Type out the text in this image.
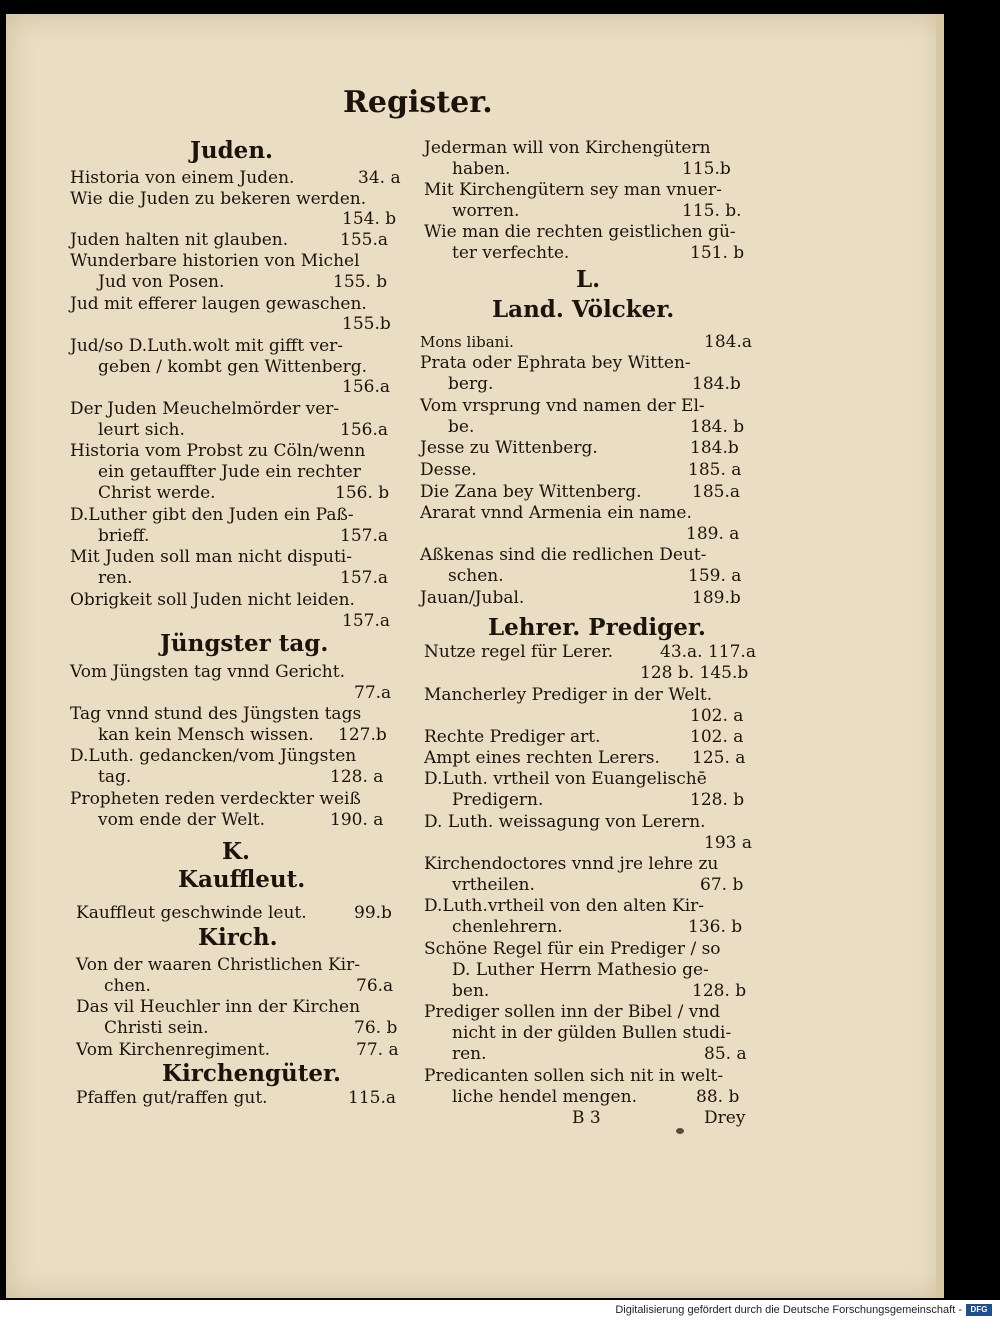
Register.
Juden.
Historia von einem Juden.	34. a
Wie die Juden zu bekeren werden.
154. b
Juden halten nit glauben.	155.a
Wunderbare historien von Michel
Jud von Posen.	155. b
Jud mit efferer laugen gewaschen.
155.b
Jud/so D.Luth.wolt mit gifft ver-
geben / kombt gen Wittenberg.
156.a
Der Juden Meuchelmörder ver-
leurt sich.	156.a
Historia vom Probst zu Cöln/wenn
ein getauffter Jude ein rechter
Christ werde.	156. b
D.Luther gibt den Juden ein Paß-
brieff.	157.a
Mit Juden soll man nicht disputi-
ren.	157.a
Obrigkeit soll Juden nicht leiden.
157.a
Jüngster tag.
Vom Jüngsten tag vnnd Gericht.
77.a
Tag vnnd stund des Jüngsten tags
kan kein Mensch wissen. 127.b
D.Luth. gedancken/vom Jüngsten
tag.	128. a
Propheten reden verdeckter weiß
vom ende der Welt.	190. a
K.
Kauffleut.
Kauffleut geschwinde leut.	99.b
Kirch.
Von der waaren Christlichen Kir-
chen.	76.a
Das vil Heuchler inn der Kirchen
Christi sein.	76. b
Vom Kirchenregiment.	77. a
Kirchengüter.
Pfaffen gut/raffen gut.	115.a
Jederman will von Kirchengütern
haben.	115.b
Mit Kirchengütern sey man vnuer-
worren.	115. b.
Wie man die rechten geistlichen gü-
ter verfechte.	151. b
L.
Land. Völcker.
Mons libani.	184.a
Prata oder Ephrata bey Witten-
berg.	184.b
Vom vrsprung vnd namen der El-
be.	184. b
Jesse zu Wittenberg.	184.b
Desse.	185. a
Die Zana bey Wittenberg.	185.a
Ararat vnnd Armenia ein name.
189. a
Aßkenas sind die redlichen Deut-
schen.	159. a
Jauan/Jubal.	189.b
Lehrer. Prediger.
Nutze regel für Lerer.	43.a. 117.a
128 b. 145.b
Mancherley Prediger in der Welt.
102. a
Rechte Prediger art.	102. a
Ampt eines rechten Lerers. 125. a
D.Luth. vrtheil von Euangelischē
Predigern.	128. b
D. Luth. weissagung von Lerern.
193 a
Kirchendoctores vnnd jre lehre zu
vrtheilen.	67. b
D.Luth.vrtheil von den alten Kir-
chenlehrern.	136. b
Schöne Regel für ein Prediger / so
D. Luther Herrn Mathesio ge-
ben.	128. b
Prediger sollen inn der Bibel / vnd
nicht in der gülden Bullen studi-
ren.	85. a
Predicanten sollen sich nit in welt-
liche hendel mengen.	88. b
B 3	Drey
Digitalisierung gefördert durch die Deutsche Forschungsgemeinschaft -	DFG
